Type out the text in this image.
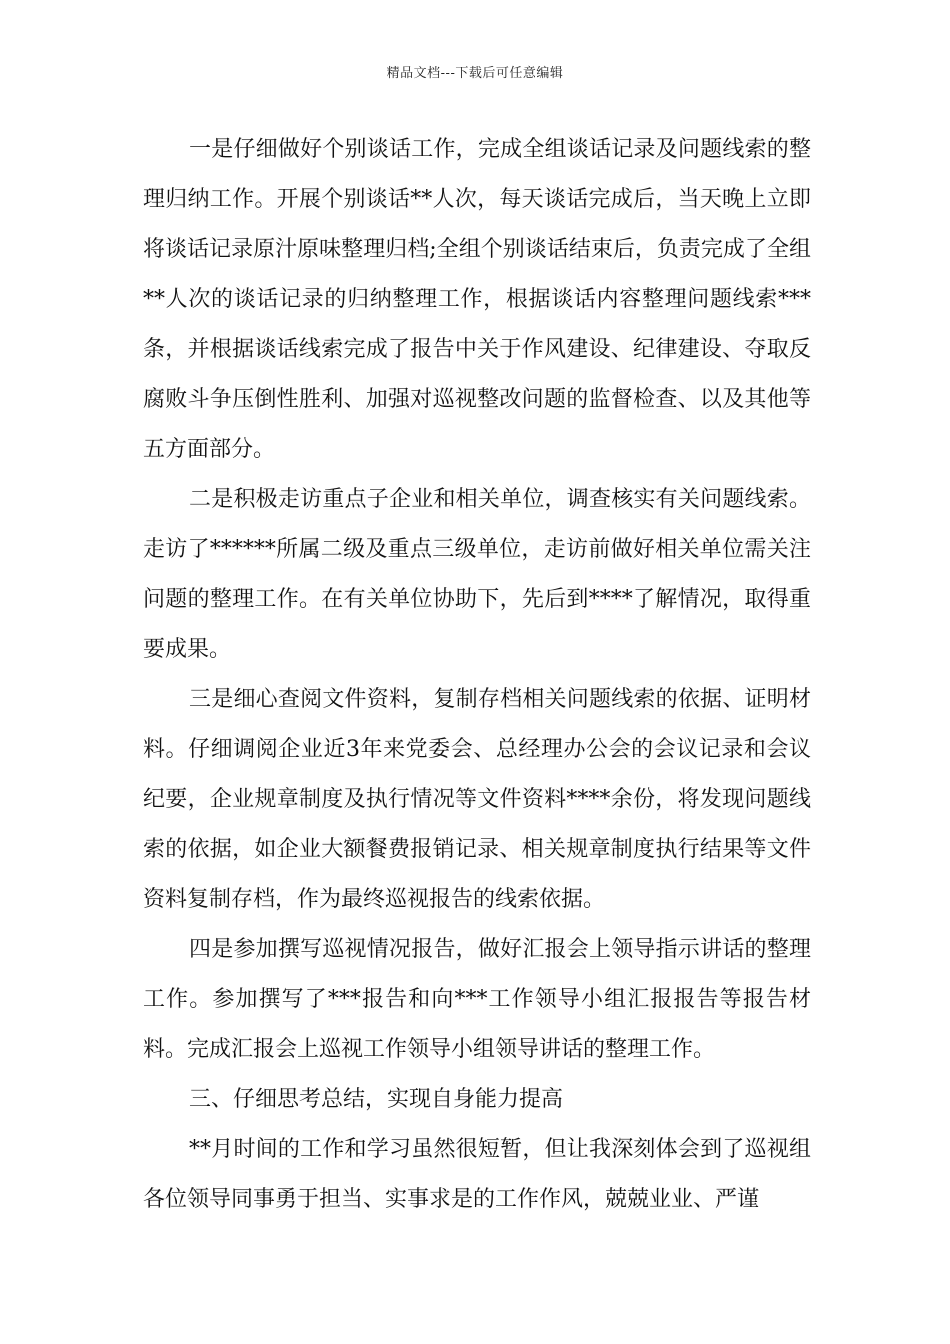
精品文档---下载后可任意编辑

一是仔细做好个别谈话工作，完成全组谈话记录及问题线索的整理归纳工作。开展个别谈话**人次，每天谈话完成后，当天晚上立即将谈话记录原汁原味整理归档;全组个别谈话结束后，负责完成了全组**人次的谈话记录的归纳整理工作，根据谈话内容整理问题线索***条，并根据谈话线索完成了报告中关于作风建设、纪律建设、夺取反腐败斗争压倒性胜利、加强对巡视整改问题的监督检查、以及其他等五方面部分。

二是积极走访重点子企业和相关单位，调查核实有关问题线索。走访了******所属二级及重点三级单位，走访前做好相关单位需关注问题的整理工作。在有关单位协助下，先后到****了解情况，取得重要成果。

三是细心查阅文件资料，复制存档相关问题线索的依据、证明材料。仔细调阅企业近3年来党委会、总经理办公会的会议记录和会议纪要，企业规章制度及执行情况等文件资料****余份，将发现问题线索的依据，如企业大额餐费报销记录、相关规章制度执行结果等文件资料复制存档，作为最终巡视报告的线索依据。

四是参加撰写巡视情况报告，做好汇报会上领导指示讲话的整理工作。参加撰写了***报告和向***工作领导小组汇报报告等报告材料。完成汇报会上巡视工作领导小组领导讲话的整理工作。

三、仔细思考总结，实现自身能力提高

**月时间的工作和学习虽然很短暂，但让我深刻体会到了巡视组各位领导同事勇于担当、实事求是的工作作风，兢兢业业、严谨
